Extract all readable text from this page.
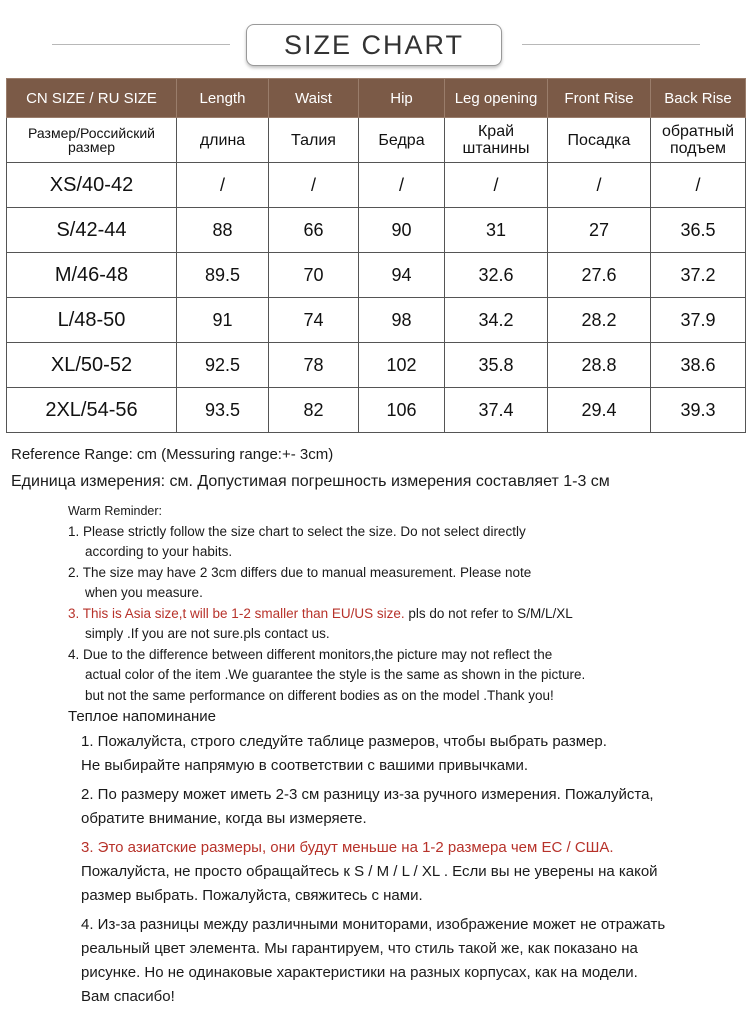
SIZE CHART
CN SIZE / RU SIZE	Length	Waist	Hip	Leg opening	Front Rise	Back Rise
Размер/Российский размер	длина	Талия	Бедра	Край штанины	Посадка	обратный подъем
XS/40-42	/	/	/	/	/	/
S/42-44	88	66	90	31	27	36.5
M/46-48	89.5	70	94	32.6	27.6	37.2
L/48-50	91	74	98	34.2	28.2	37.9
XL/50-52	92.5	78	102	35.8	28.8	38.6
2XL/54-56	93.5	82	106	37.4	29.4	39.3
Reference Range: cm (Messuring range:+- 3cm)
Единица измерения: см. Допустимая погрешность измерения составляет 1-3 см
Warm Reminder:
1. Please strictly follow the size chart to select the size. Do not select directly
according to your habits.
2. The size may have 2 3cm differs due to manual measurement. Please note
when you measure.
3. This is Asia size,t will be 1-2 smaller than EU/US size. pls do not refer to S/M/L/XL
simply .If you are not sure.pls contact us.
4. Due to the difference between different monitors,the picture may not reflect the
actual color of the item .We guarantee the style is the same as shown in the picture.
but not the same performance on different bodies as on the model .Thank you!
Теплое напоминание
1. Пожалуйста, строго следуйте таблице размеров, чтобы выбрать размер.
Не выбирайте напрямую в соответствии с вашими привычками.
2. По размеру может иметь 2-3 см разницу из-за ручного измерения. Пожалуйста,
обратите внимание, когда вы измеряете.
3. Это азиатские размеры, они будут меньше на 1-2 размера чем ЕС / США.
Пожалуйста, не просто обращайтесь к S / M / L / XL . Если вы не уверены на какой
размер выбрать. Пожалуйста, свяжитесь с нами.
4. Из-за разницы между различными мониторами, изображение может не отражать
реальный цвет элемента. Мы гарантируем, что стиль такой же, как показано на
рисунке. Но не одинаковые характеристики на разных корпусах, как на модели.
Вам спасибо!
